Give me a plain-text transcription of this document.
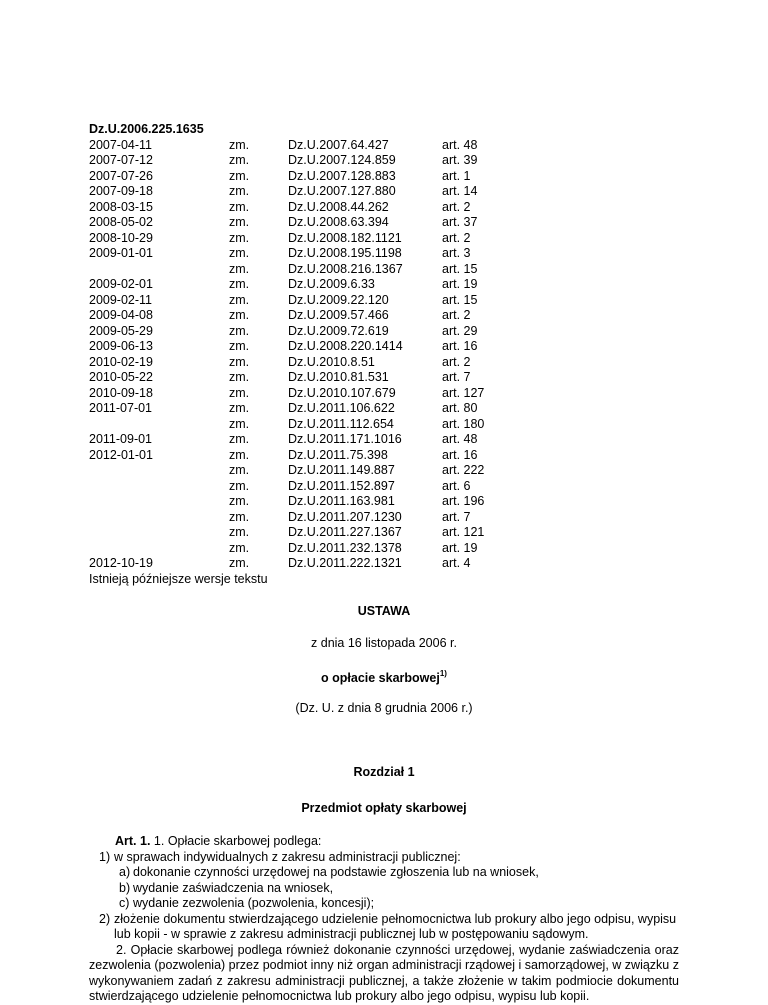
Dz.U.2006.225.1635
2007-04-11	zm.	Dz.U.2007.64.427	art. 48
2007-07-12	zm.	Dz.U.2007.124.859	art. 39
2007-07-26	zm.	Dz.U.2007.128.883	art. 1
2007-09-18	zm.	Dz.U.2007.127.880	art. 14
2008-03-15	zm.	Dz.U.2008.44.262	art. 2
2008-05-02	zm.	Dz.U.2008.63.394	art. 37
2008-10-29	zm.	Dz.U.2008.182.1121	art. 2
2009-01-01	zm.	Dz.U.2008.195.1198	art. 3
	zm.	Dz.U.2008.216.1367	art. 15
2009-02-01	zm.	Dz.U.2009.6.33	art. 19
2009-02-11	zm.	Dz.U.2009.22.120	art. 15
2009-04-08	zm.	Dz.U.2009.57.466	art. 2
2009-05-29	zm.	Dz.U.2009.72.619	art. 29
2009-06-13	zm.	Dz.U.2008.220.1414	art. 16
2010-02-19	zm.	Dz.U.2010.8.51	art. 2
2010-05-22	zm.	Dz.U.2010.81.531	art. 7
2010-09-18	zm.	Dz.U.2010.107.679	art. 127
2011-07-01	zm.	Dz.U.2011.106.622	art. 80
	zm.	Dz.U.2011.112.654	art. 180
2011-09-01	zm.	Dz.U.2011.171.1016	art. 48
2012-01-01	zm.	Dz.U.2011.75.398	art. 16
	zm.	Dz.U.2011.149.887	art. 222
	zm.	Dz.U.2011.152.897	art. 6
	zm.	Dz.U.2011.163.981	art. 196
	zm.	Dz.U.2011.207.1230	art. 7
	zm.	Dz.U.2011.227.1367	art. 121
	zm.	Dz.U.2011.232.1378	art. 19
2012-10-19	zm.	Dz.U.2011.222.1321	art. 4
Istnieją późniejsze wersje tekstu
USTAWA
z dnia 16 listopada 2006 r.
o opłacie skarbowej$^{1)}$
(Dz. U. z dnia 8 grudnia 2006 r.)
Rozdział 1
Przedmiot opłaty skarbowej
Art. 1. 1. Opłacie skarbowej podlega:
1) w sprawach indywidualnych z zakresu administracji publicznej:
a) dokonanie czynności urzędowej na podstawie zgłoszenia lub na wniosek,
b) wydanie zaświadczenia na wniosek,
c) wydanie zezwolenia (pozwolenia, koncesji);
2) złożenie dokumentu stwierdzającego udzielenie pełnomocnictwa lub prokury albo jego odpisu, wypisu
lub kopii - w sprawie z zakresu administracji publicznej lub w postępowaniu sądowym.
2. Opłacie skarbowej podlega również dokonanie czynności urzędowej, wydanie zaświadczenia oraz zezwolenia (pozwolenia) przez podmiot inny niż organ administracji rządowej i samorządowej, w związku z wykonywaniem zadań z zakresu administracji publicznej, a także złożenie w takim podmiocie dokumentu stwierdzającego udzielenie pełnomocnictwa lub prokury albo jego odpisu, wypisu lub kopii.
